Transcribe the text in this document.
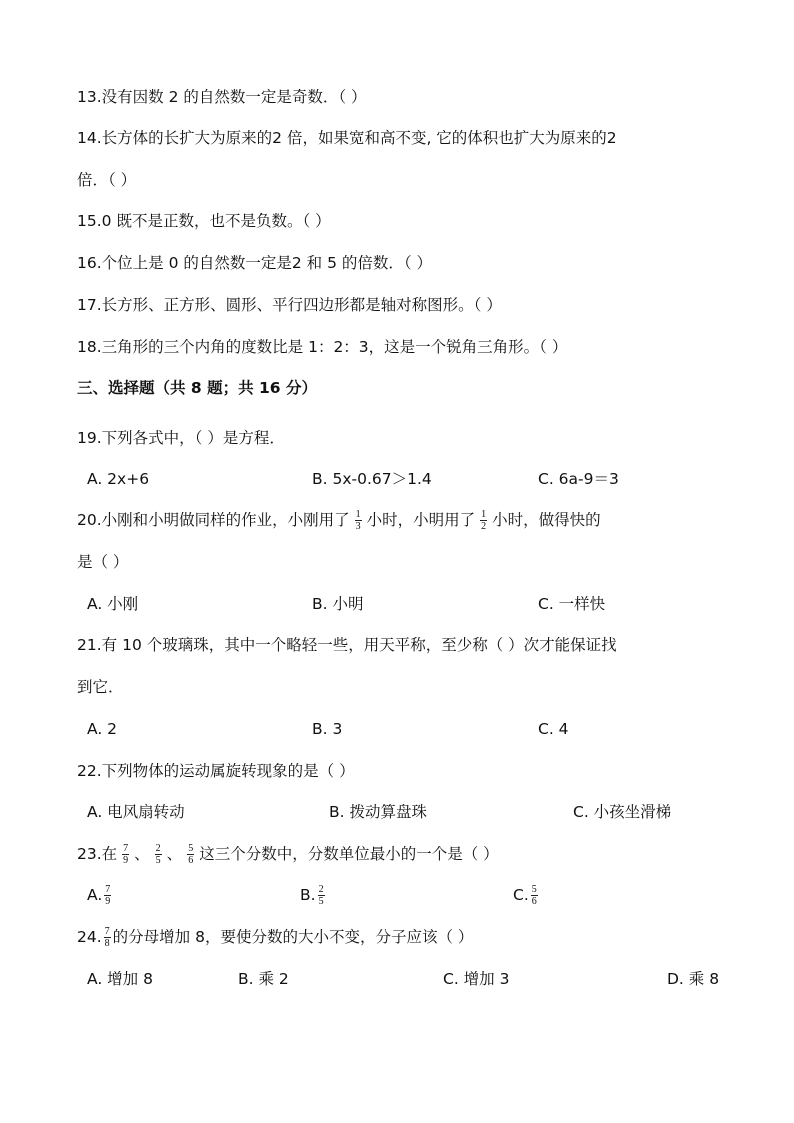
13.没有因数 2 的自然数一定是奇数．（ ）
14.长方体的长扩大为原来的2 倍，如果宽和高不变, 它的体积也扩大为原来的2
倍．（ ）
15.0 既不是正数，也不是负数。（ ）
16.个位上是 0 的自然数一定是2 和 5 的倍数．（ ）
17.长方形、正方形、圆形、平行四边形都是轴对称图形。（ ）
18.三角形的三个内角的度数比是 1：2：3，这是一个锐角三角形。（ ）
三、选择题（共 8 题；共 16 分）
19.下列各式中，（ ）是方程．
A. 2x+6	B. 5x-0.67＞1.4	C. 6a-9＝3
20.小刚和小明做同样的作业，小刚用了 $\frac{1}{3}$ 小时，小明用了 $\frac{1}{2}$ 小时，做得快的
是（ ）
A. 小刚	B. 小明	C. 一样快
21.有 10 个玻璃珠，其中一个略轻一些，用天平称，至少称（ ）次才能保证找
到它．
A. 2	B. 3	C. 4
22.下列物体的运动属旋转现象的是（ ）
A. 电风扇转动	B. 拨动算盘珠	C. 小孩坐滑梯
23.在 $\frac{7}{9}$ 、 $\frac{2}{5}$ 、 $\frac{5}{6}$ 这三个分数中，分数单位最小的一个是（ ）
A. $\frac{7}{9}$	B. $\frac{2}{5}$	C. $\frac{5}{6}$
24. $\frac{7}{8}$ 的分母增加 8，要使分数的大小不变，分子应该（ ）
A. 增加 8	B. 乘 2	C. 增加 3	D. 乘 8
